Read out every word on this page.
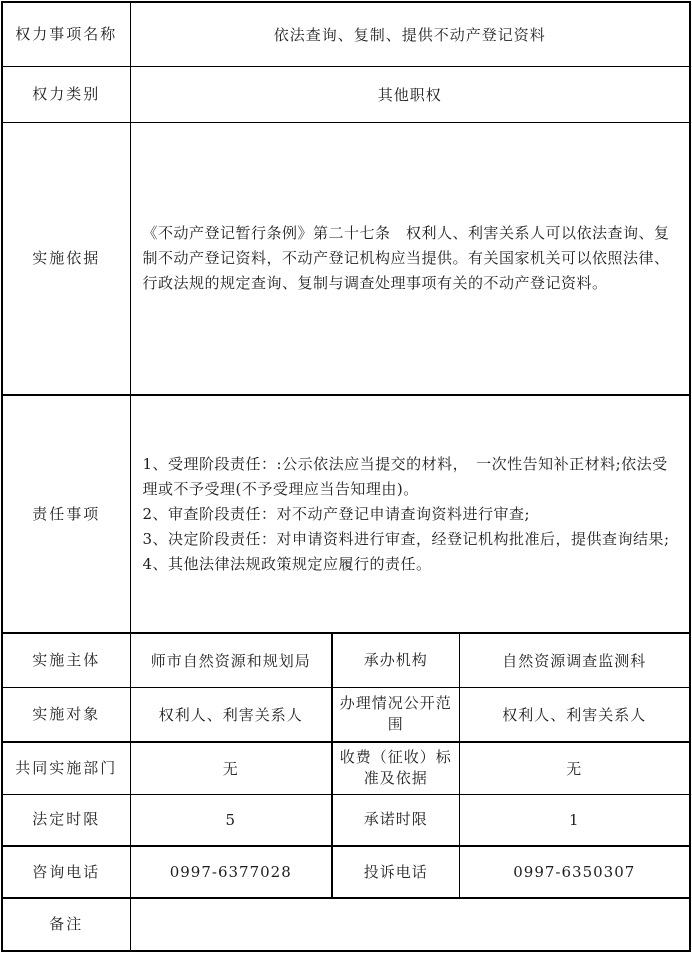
权力事项名称	依法查询、复制、提供不动产登记资料		
权力类别	其他职权		
实施依据	《不动产登记暂行条例》第二十七条　权利人、利害关系人可以依法查询、复制不动产登记资料，不动产登记机构应当提供。有关国家机关可以依照法律、行政法规的规定查询、复制与调查处理事项有关的不动产登记资料。		
责任事项	1、受理阶段责任：:公示依法应当提交的材料，　一次性告知补正材料;依法受理或不予受理(不予受理应当告知理由)。
2、审查阶段责任：对不动产登记申请查询资料进行审查;
3、决定阶段责任：对申请资料进行审查，经登记机构批准后，提供查询结果;
4、其他法律法规政策规定应履行的责任。		

实施主体	师市自然资源和规划局	承办机构	自然资源调查监测科
实施对象	权利人、利害关系人	办理情况公开范围	权利人、利害关系人
共同实施部门	无	收费（征收）标准及依据	无
法定时限	5	承诺时限	1
咨询电话	0997-6377028	投诉电话	0997-6350307
备注			
